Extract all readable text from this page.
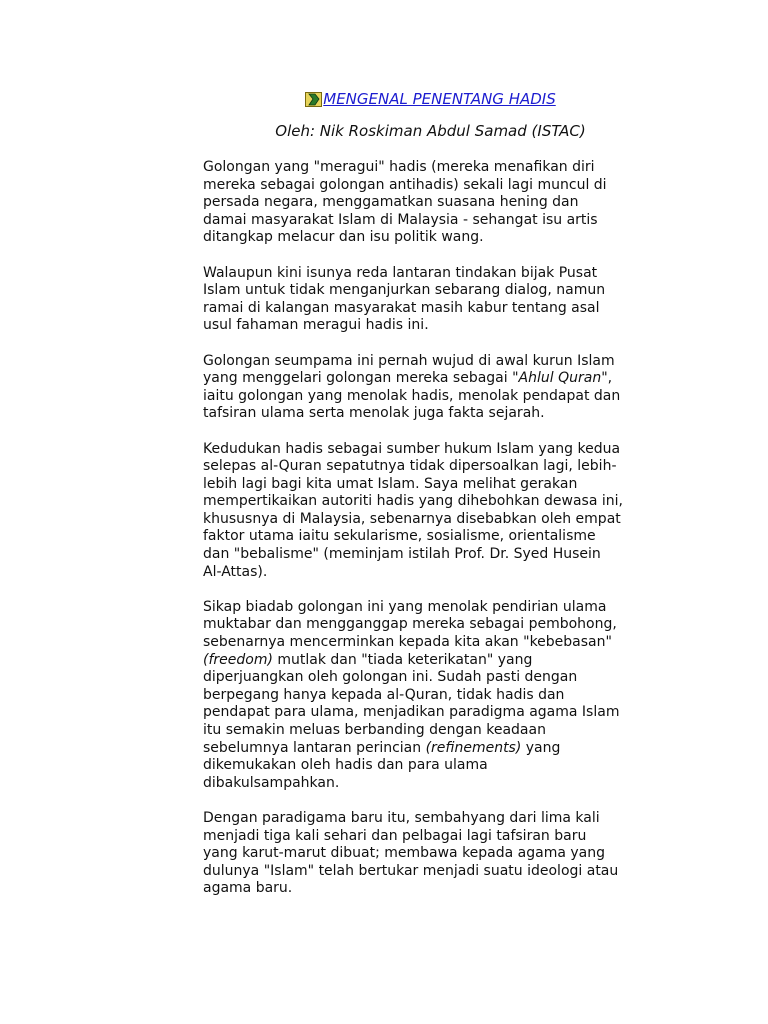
MENGENAL PENENTANG HADIS
Oleh: Nik Roskiman Abdul Samad (ISTAC)

Golongan yang "meragui" hadis (mereka menafikan diri
mereka sebagai golongan antihadis) sekali lagi muncul di
persada negara, menggamatkan suasana hening dan
damai masyarakat Islam di Malaysia - sehangat isu artis
ditangkap melacur dan isu politik wang.

Walaupun kini isunya reda lantaran tindakan bijak Pusat
Islam untuk tidak menganjurkan sebarang dialog, namun
ramai di kalangan masyarakat masih kabur tentang asal
usul fahaman meragui hadis ini.

Golongan seumpama ini pernah wujud di awal kurun Islam
yang menggelari golongan mereka sebagai "Ahlul Quran",
iaitu golongan yang menolak hadis, menolak pendapat dan
tafsiran ulama serta menolak juga fakta sejarah.

Kedudukan hadis sebagai sumber hukum Islam yang kedua
selepas al-Quran sepatutnya tidak dipersoalkan lagi, lebih-
lebih lagi bagi kita umat Islam. Saya melihat gerakan
mempertikaikan autoriti hadis yang dihebohkan dewasa ini,
khususnya di Malaysia, sebenarnya disebabkan oleh empat
faktor utama iaitu sekularisme, sosialisme, orientalisme
dan "bebalisme" (meminjam istilah Prof. Dr. Syed Husein
Al-Attas).

Sikap biadab golongan ini yang menolak pendirian ulama
muktabar dan mengganggap mereka sebagai pembohong,
sebenarnya mencerminkan kepada kita akan "kebebasan"
(freedom) mutlak dan "tiada keterikatan" yang
diperjuangkan oleh golongan ini. Sudah pasti dengan
berpegang hanya kepada al-Quran, tidak hadis dan
pendapat para ulama, menjadikan paradigma agama Islam
itu semakin meluas berbanding dengan keadaan
sebelumnya lantaran perincian (refinements) yang
dikemukakan oleh hadis dan para ulama
dibakulsampahkan.

Dengan paradigama baru itu, sembahyang dari lima kali
menjadi tiga kali sehari dan pelbagai lagi tafsiran baru
yang karut-marut dibuat; membawa kepada agama yang
dulunya "Islam" telah bertukar menjadi suatu ideologi atau
agama baru.
